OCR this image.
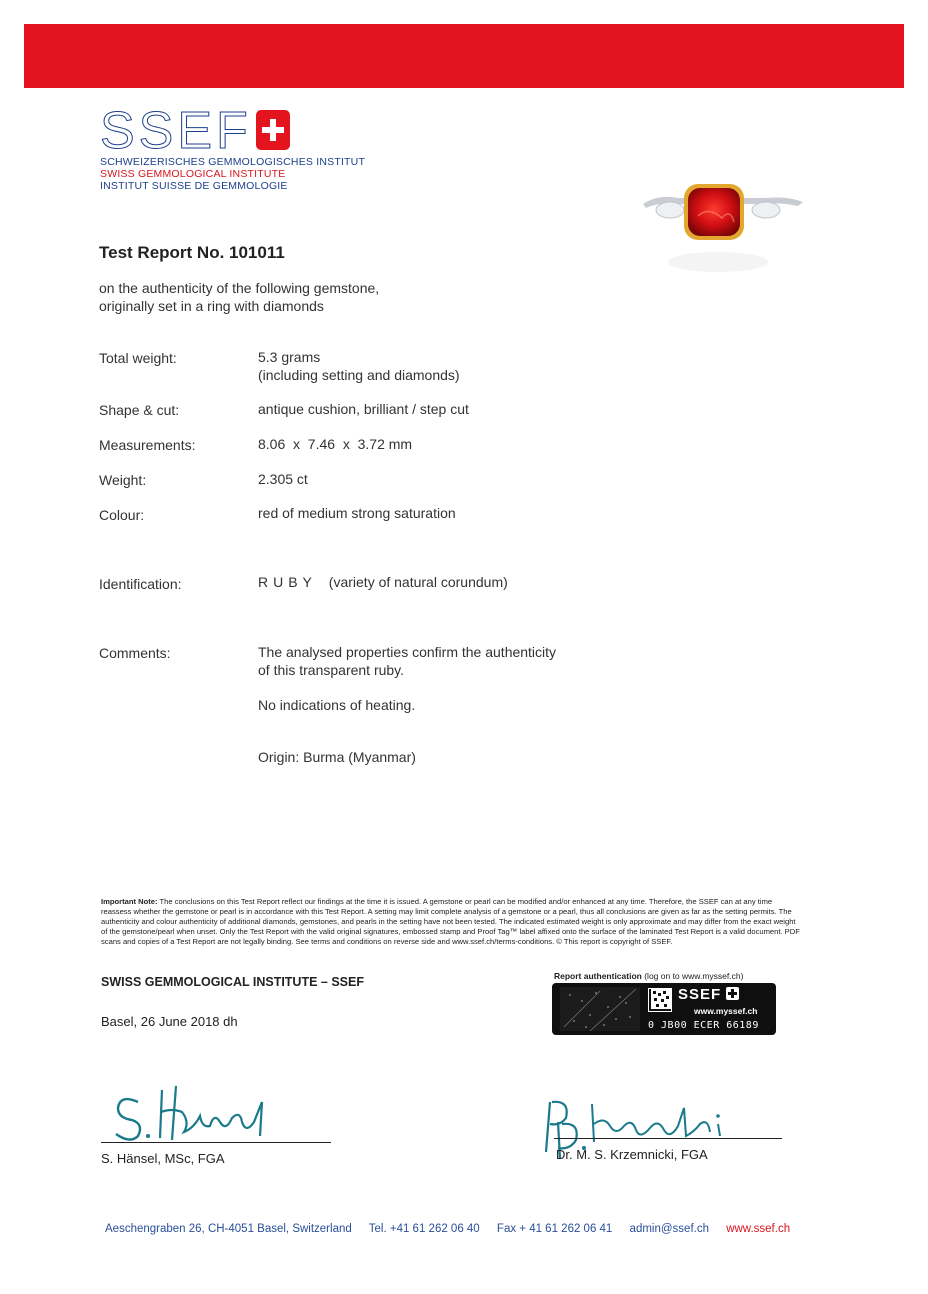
SSEF
SCHWEIZERISCHES GEMMOLOGISCHES INSTITUT
SWISS GEMMOLOGICAL INSTITUTE
INSTITUT SUISSE DE GEMMOLOGIE
Test Report No. 101011
on the authenticity of the following gemstone,
originally set in a ring with diamonds
Total weight:	5.3 grams
(including setting and diamonds)
Shape & cut:	antique cushion, brilliant / step cut
Measurements:	8.06  x  7.46  x  3.72 mm
Weight:	2.305 ct
Colour:	red of medium strong saturation
Identification:	RUBY (variety of natural corundum)
Comments:	The analysed properties confirm the authenticity
of this transparent ruby.
No indications of heating.
Origin: Burma (Myanmar)
Important Note: The conclusions on this Test Report reflect our findings at the time it is issued. A gemstone or pearl can be modified and/or enhanced at any time. Therefore, the SSEF can at any time reassess whether the gemstone or pearl is in accordance with this Test Report. A setting may limit complete analysis of a gemstone or a pearl, thus all conclusions are given as far as the setting permits. The authenticity and colour authenticity of additional diamonds, gemstones, and pearls in the setting have not been tested. The indicated estimated weight is only approximate and may differ from the exact weight of the gemstone/pearl when unset. Only the Test Report with the valid original signatures, embossed stamp and Proof Tag™ label affixed onto the surface of the laminated Test Report is a valid document. PDF scans and copies of a Test Report are not legally binding. See terms and conditions on reverse side and www.ssef.ch/terms-conditions. © This report is copyright of SSEF.
SWISS GEMMOLOGICAL INSTITUTE – SSEF
Basel, 26 June 2018 dh
Report authentication (log on to www.myssef.ch)
SSEF
www.myssef.ch
0 JB00 ECER 66189
S. Hänsel, MSc, FGA	Dr. M. S. Krzemnicki, FGA
Aeschengraben 26, CH-4051 Basel, Switzerland Tel. +41 61 262 06 40 Fax + 41 61 262 06 41 admin@ssef.ch www.ssef.ch
